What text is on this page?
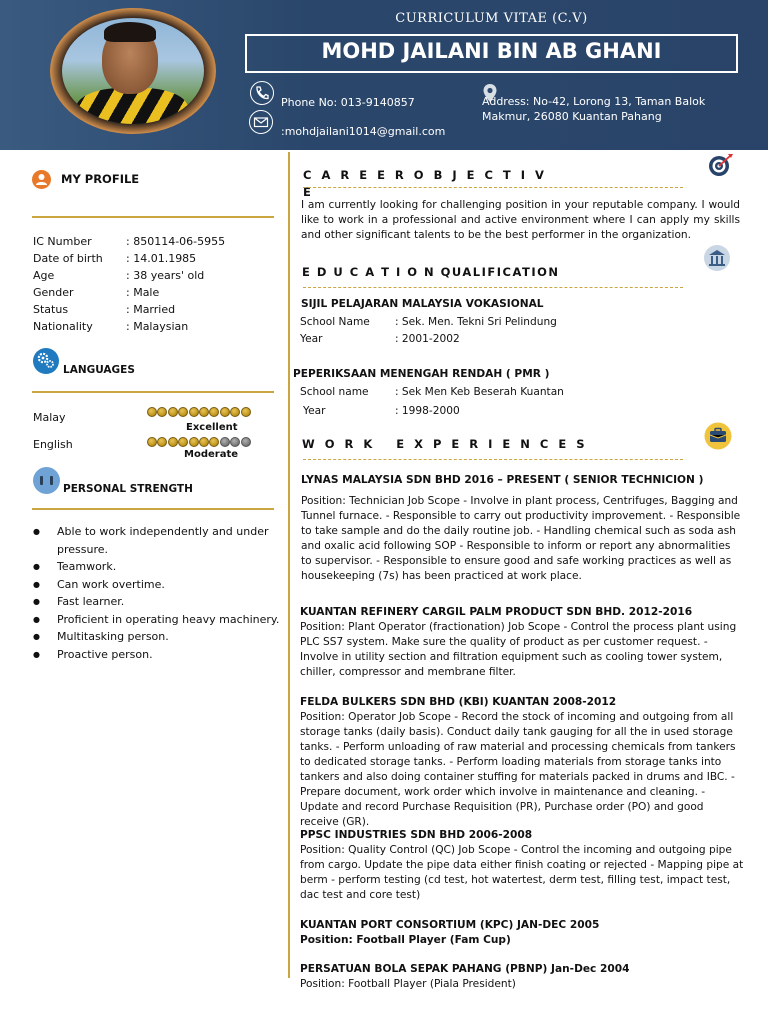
CURRICULUM VITAE (C.V)
MOHD JAILANI BIN AB GHANI
Phone No: 013-9140857
:mohdjailani1014@gmail.com
Address: No-42, Lorong 13, Taman Balok
Makmur, 26080 Kuantan Pahang
MY PROFILE
IC Number	: 850114-06-5955
Date of birth : 14.01.1985
Age	: 38 years' old
Gender	: Male
Status	: Married
Nationality	: Malaysian
LANGUAGES
Malay
Excellent
English
Moderate
PERSONAL STRENGTH
● Able to work independently and under pressure.
● Teamwork.
● Can work overtime.
● Fast learner.
● Proficient in operating heavy machinery.
● Multitasking person.
● Proactive person.
C A R E E R O B J E C T I V
E
I am currently looking for challenging position in your reputable company. I would like to work in a professional and active environment where I can apply my skills and other significant talents to be the best performer in the organization.
E D U C A T I O N QUALIFICATION
SIJIL PELAJARAN MALAYSIA VOKASIONAL
School Name : Sek. Men. Tekni Sri Pelindung
Year	: 2001-2002
PEPERIKSAAN MENENGAH RENDAH ( PMR )
School name : Sek Men Keb Beserah Kuantan
Year	: 1998-2000
W O R K   E X P E R I E N C E S
LYNAS MALAYSIA SDN BHD 2016 – PRESENT ( SENIOR TECHNICION )
Position: Technician Job Scope - Involve in plant process, Centrifuges, Bagging and Tunnel furnace. - Responsible to carry out productivity improvement. - Responsible to take sample and do the daily routine job. - Handling chemical such as soda ash and oxalic acid following SOP - Responsible to inform or report any abnormalities to supervisor. - Responsible to ensure good and safe working practices as well as housekeeping (7s) has been practiced at work place.
KUANTAN REFINERY CARGIL PALM PRODUCT SDN BHD. 2012-2016
Position: Plant Operator (fractionation) Job Scope - Control the process plant using PLC SS7 system. Make sure the quality of product as per customer request. - Involve in utility section and filtration equipment such as cooling tower system, chiller, compressor and membrane filter.
FELDA BULKERS SDN BHD (KBI) KUANTAN 2008-2012
Position: Operator Job Scope - Record the stock of incoming and outgoing from all storage tanks (daily basis). Conduct daily tank gauging for all the in used storage tanks. - Perform unloading of raw material and processing chemicals from tankers to dedicated storage tanks. - Perform loading materials from storage tanks into tankers and also doing container stuffing for materials packed in drums and IBC. - Prepare document, work order which involve in maintenance and cleaning. - Update and record Purchase Requisition (PR), Purchase order (PO) and good receive (GR).
PPSC INDUSTRIES SDN BHD 2006-2008
Position: Quality Control (QC) Job Scope - Control the incoming and outgoing pipe from cargo. Update the pipe data either finish coating or rejected - Mapping pipe at berm - perform testing (cd test, hot watertest, derm test, filling test, impact test, dac test and core test)
KUANTAN PORT CONSORTIUM (KPC) JAN-DEC 2005
Position: Football Player (Fam Cup)
PERSATUAN BOLA SEPAK PAHANG (PBNP) Jan-Dec 2004
Position: Football Player (Piala President)
